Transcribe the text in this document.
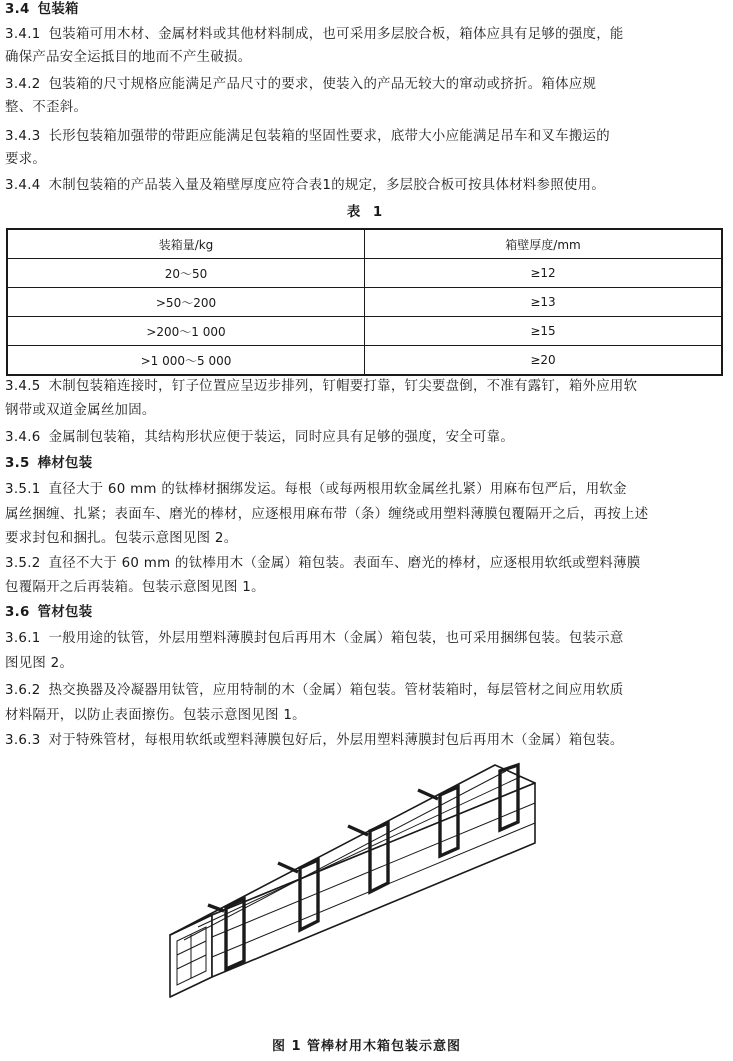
3.4 包装箱
3.4.1 包装箱可用木材、金属材料或其他材料制成，也可采用多层胶合板，箱体应具有足够的强度，能
确保产品安全运抵目的地而不产生破损。
3.4.2 包装箱的尺寸规格应能满足产品尺寸的要求，使装入的产品无较大的窜动或挤折。箱体应规
整、不歪斜。
3.4.3 长形包装箱加强带的带距应能满足包装箱的坚固性要求，底带大小应能满足吊车和叉车搬运的
要求。
3.4.4 木制包装箱的产品装入量及箱壁厚度应符合表1的规定，多层胶合板可按具体材料参照使用。
表 1
装箱量/kg	箱壁厚度/mm
20～50	≥12
>50～200	≥13
>200～1 000	≥15
>1 000～5 000	≥20
3.4.5 木制包装箱连接时，钉子位置应呈迈步排列，钉帽要打靠，钉尖要盘倒，不准有露钉，箱外应用软
钢带或双道金属丝加固。
3.4.6 金属制包装箱，其结构形状应便于装运，同时应具有足够的强度，安全可靠。
3.5 棒材包装
3.5.1 直径大于 60 mm 的钛棒材捆绑发运。每根（或每两根用软金属丝扎紧）用麻布包严后，用软金
属丝捆缠、扎紧；表面车、磨光的棒材，应逐根用麻布带（条）缠绕或用塑料薄膜包覆隔开之后，再按上述
要求封包和捆扎。包装示意图见图 2。
3.5.2 直径不大于 60 mm 的钛棒用木（金属）箱包装。表面车、磨光的棒材，应逐根用软纸或塑料薄膜
包覆隔开之后再装箱。包装示意图见图 1。
3.6 管材包装
3.6.1 一般用途的钛管，外层用塑料薄膜封包后再用木（金属）箱包装，也可采用捆绑包装。包装示意
图见图 2。
3.6.2 热交换器及冷凝器用钛管，应用特制的木（金属）箱包装。管材装箱时，每层管材之间应用软质
材料隔开，以防止表面擦伤。包装示意图见图 1。
3.6.3 对于特殊管材，每根用软纸或塑料薄膜包好后，外层用塑料薄膜封包后再用木（金属）箱包装。
图 1 管棒材用木箱包装示意图
